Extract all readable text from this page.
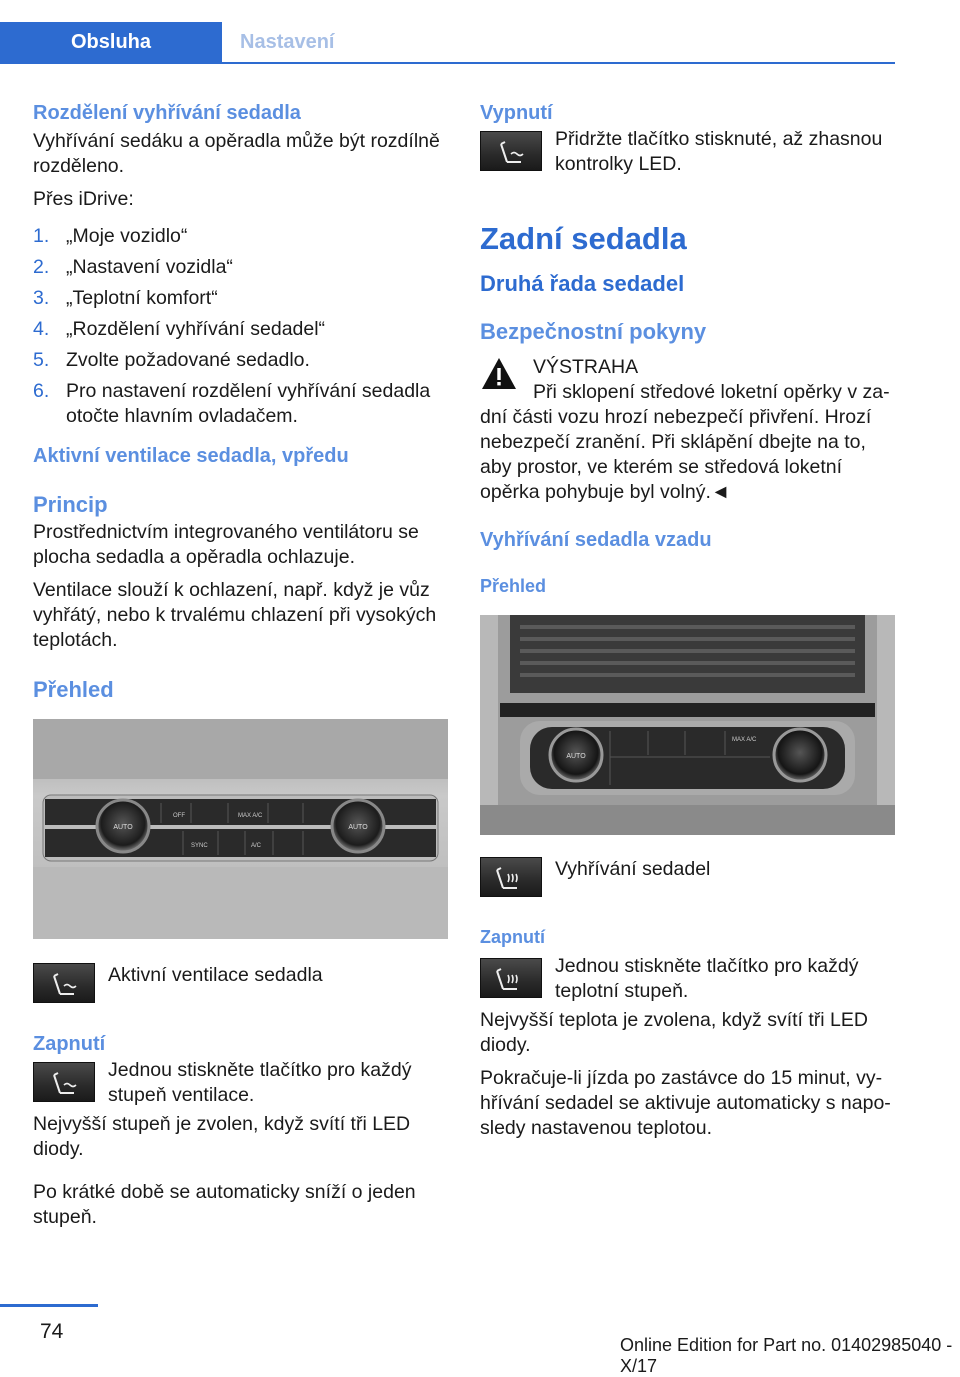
Obsluha	Nastavení
Rozdělení vyhřívání sedadla

Vyhřívání sedáku a opěradla může být rozdílně rozděleno.

Přes iDrive:

1. „Moje vozidlo“
2. „Nastavení vozidla“
3. „Teplotní komfort“
4. „Rozdělení vyhřívání sedadel“
5. Zvolte požadované sedadlo.
6. Pro nastavení rozdělení vyhřívání sedadla otočte hlavním ovladačem.
Aktivní ventilace sedadla, vpředu
Princip

Prostřednictvím integrovaného ventilátoru se plocha sedadla a opěradla ochlazuje.

Ventilace slouží k ochlazení, např. když je vůz vyhřátý, nebo k trvalému chlazení při vysokých teplotách.

Přehled
AUTO	AUTO
OFF	MAX A/C
SYNC	A/C

Aktivní ventilace sedadla

Zapnutí

Jednou stiskněte tlačítko pro každý stupeň ventilace.

Nejvyšší stupeň je zvolen, když svítí tři LED diody.

Po krátké době se automaticky sníží o jeden stupeň.

Vypnutí

Přidržte tlačítko stisknuté, až zhasnou kontrolky LED.

Zadní sedadla
Druhá řada sedadel
Bezpečnostní pokyny

VÝSTRAHA

Při sklopení středové loketní opěrky v za-

dní části vozu hrozí nebezpečí přivření. Hrozí nebezpečí zranění. Při sklápění dbejte na to, aby prostor, ve kterém se středová loketní opěrka pohybuje byl volný.◄

Vyhřívání sedadla vzadu
Přehled
AUTO
MAX A/C

Vyhřívání sedadel

Zapnutí

Jednou stiskněte tlačítko pro každý teplotní stupeň.

Nejvyšší teplota je zvolena, když svítí tři LED diody.

Pokračuje-li jízda po zastávce do 15 minut, vy-hřívání sedadel se aktivuje automaticky s napo-sledy nastavenou teplotou.

74
Online Edition for Part no. 01402985040 - X/17
